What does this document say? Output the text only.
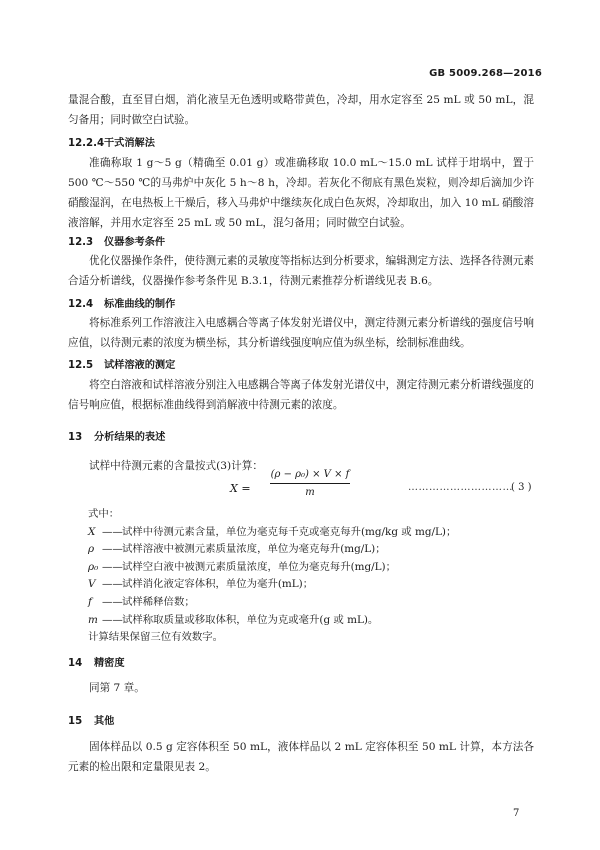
GB 5009.268—2016
量混合酸，直至冒白烟，消化液呈无色透明或略带黄色，冷却，用水定容至 25 mL 或 50 mL，混匀备用；同时做空白试验。
12.2.4干式消解法
准确称取 1 g～5 g（精确至 0.01 g）或准确移取 10.0 mL～15.0 mL 试样于坩埚中，置于 500 ℃～550 ℃的马弗炉中灰化 5 h～8 h，冷却。若灰化不彻底有黑色炭粒，则冷却后滴加少许硝酸湿润，在电热板上干燥后，移入马弗炉中继续灰化成白色灰烬，冷却取出，加入 10 mL 硝酸溶液溶解，并用水定容至 25 mL 或 50 mL，混匀备用；同时做空白试验。
12.3 仪器参考条件
优化仪器操作条件，使待测元素的灵敏度等指标达到分析要求，编辑测定方法、选择各待测元素合适分析谱线，仪器操作参考条件见 B.3.1，待测元素推荐分析谱线见表 B.6。
12.4 标准曲线的制作
将标准系列工作溶液注入电感耦合等离子体发射光谱仪中，测定待测元素分析谱线的强度信号响应值，以待测元素的浓度为横坐标，其分析谱线强度响应值为纵坐标，绘制标准曲线。
12.5 试样溶液的测定
将空白溶液和试样溶液分别注入电感耦合等离子体发射光谱仪中，测定待测元素分析谱线强度的信号响应值，根据标准曲线得到消解液中待测元素的浓度。
13 分析结果的表述
试样中待测元素的含量按式(3)计算：
X =
(ρ − ρ₀) × V × f
m	…………………………
( 3 )
式中：
X ——试样中待测元素含量，单位为毫克每千克或毫克每升(mg/kg 或 mg/L)；
ρ ——试样溶液中被测元素质量浓度，单位为毫克每升(mg/L)；
ρ₀ ——试样空白液中被测元素质量浓度，单位为毫克每升(mg/L)；
V ——试样消化液定容体积，单位为毫升(mL)；
f ——试样稀释倍数；
m ——试样称取质量或移取体积，单位为克或毫升(g 或 mL)。
计算结果保留三位有效数字。
14 精密度
同第 7 章。
15 其他
固体样品以 0.5 g 定容体积至 50 mL，液体样品以 2 mL 定容体积至 50 mL 计算，本方法各元素的检出限和定量限见表 2。
7
